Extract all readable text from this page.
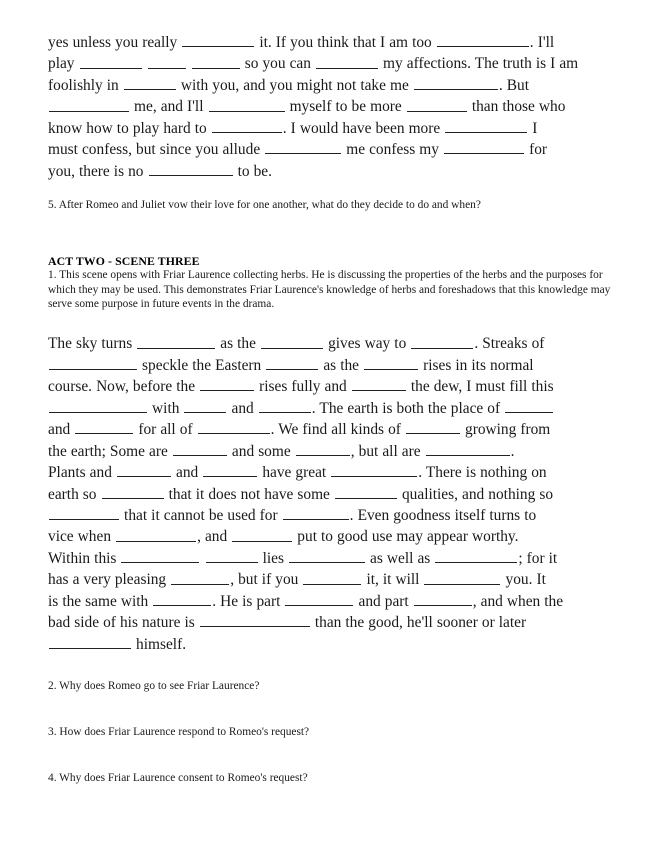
yes unless you really	it. If you think that I am too	. I'll
play	so you can	my affections. The truth is I am
foolishly in	with you, and you might not take me	. But
me, and I'll	myself to be more	than those who
know how to play hard to	. I would have been more	I
must confess, but since you allude	me confess my	for
you, there is no	to be.
5. After Romeo and Juliet vow their love for one another, what do they decide to do and when?
ACT TWO - SCENE THREE
1. This scene opens with Friar Laurence collecting herbs. He is discussing the properties of the herbs and the purposes for which they may be used. This demonstrates Friar Laurence's knowledge of herbs and foreshadows that this knowledge may serve some purpose in future events in the drama.
The sky turns	as the	gives way to	. Streaks of
speckle the Eastern	as the	rises in its normal
course. Now, before the	rises fully and	the dew, I must fill this
with	and	. The earth is both the place of
and	for all of	. We find all kinds of	growing from
the earth; Some are	and some	, but all are	.
Plants and	and	have great	. There is nothing on
earth so	that it does not have some	qualities, and nothing so
that it cannot be used for	. Even goodness itself turns to
vice when	, and	put to good use may appear worthy.
Within this	lies	as well as	; for it
has a very pleasing	, but if you	it, it will	you. It
is the same with	. He is part	and part	, and when the
bad side of his nature is	than the good, he'll sooner or later
himself.
2. Why does Romeo go to see Friar Laurence?
3. How does Friar Laurence respond to Romeo's request?
4. Why does Friar Laurence consent to Romeo's request?
